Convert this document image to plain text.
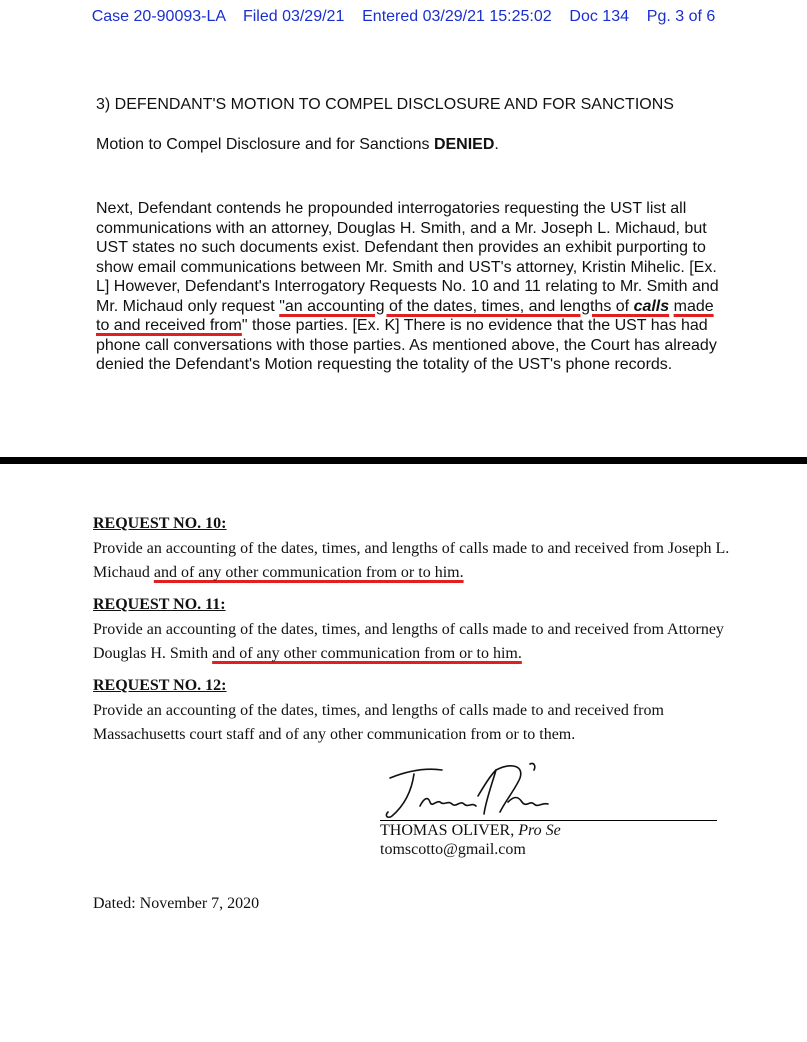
Case 20-90093-LA Filed 03/29/21 Entered 03/29/21 15:25:02 Doc 134 Pg. 3 of 6
3) DEFENDANT'S MOTION TO COMPEL DISCLOSURE AND FOR SANCTIONS
Motion to Compel Disclosure and for Sanctions DENIED.
Next, Defendant contends he propounded interrogatories requesting the UST list all communications with an attorney, Douglas H. Smith, and a Mr. Joseph L. Michaud, but UST states no such documents exist. Defendant then provides an exhibit purporting to show email communications between Mr. Smith and UST's attorney, Kristin Mihelic. [Ex. L] However, Defendant's Interrogatory Requests No. 10 and 11 relating to Mr. Smith and Mr. Michaud only request "an accounting of the dates, times, and lengths of calls made to and received from" those parties. [Ex. K] There is no evidence that the UST has had phone call conversations with those parties. As mentioned above, the Court has already denied the Defendant's Motion requesting the totality of the UST's phone records.

REQUEST NO. 10:

Provide an accounting of the dates, times, and lengths of calls made to and received from Joseph L. Michaud and of any other communication from or to him.

REQUEST NO. 11:

Provide an accounting of the dates, times, and lengths of calls made to and received from Attorney Douglas H. Smith and of any other communication from or to him.

REQUEST NO. 12:

Provide an accounting of the dates, times, and lengths of calls made to and received from Massachusetts court staff and of any other communication from or to them.

THOMAS OLIVER, Pro Se
tomscotto@gmail.com
Dated: November 7, 2020
